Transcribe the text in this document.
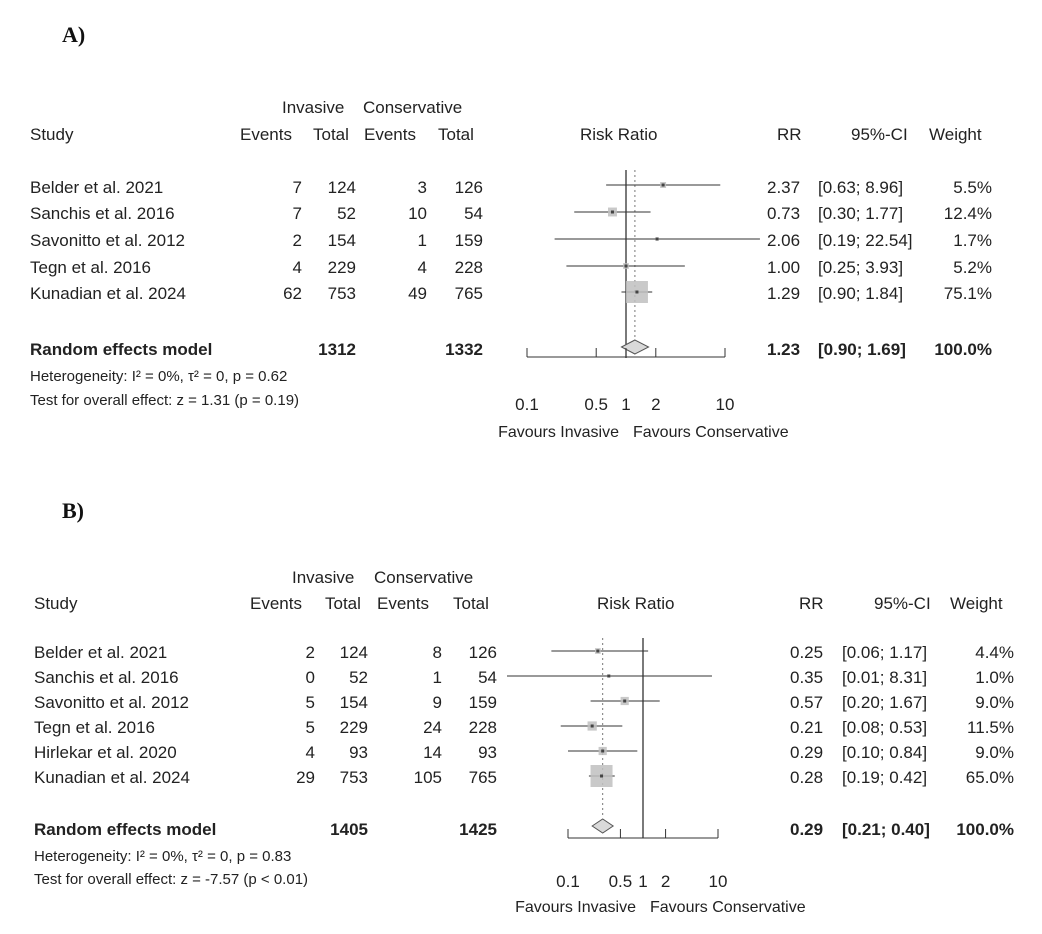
A)
Invasive Conservative
Study	Events Total Events Total	Risk Ratio	RR	95%-CI Weight
Belder et al. 2021	7	124	3	126	2.37 [0.63; 8.96]	5.5%
Sanchis et al. 2016	7	52	10	54	0.73 [0.30; 1.77]	12.4%
Savonitto et al. 2012	2	154	1	159	2.06 [0.19; 22.54]	1.7%
Tegn et al. 2016	4	229	4	228	1.00 [0.25; 3.93]	5.2%
Kunadian et al. 2024	62	753	49	765	1.29 [0.90; 1.84]	75.1%
Random effects model	1312	1332	1.23 [0.90; 1.69]	100.0%
Heterogeneity: I² = 0%, τ² = 0, p = 0.62
Test for overall effect: z = 1.31 (p = 0.19)	0.1	0.5 1 2	10
Favours Invasive Favours Conservative
B)
Invasive Conservative
Study	Events Total Events Total	Risk Ratio	RR	95%-CI Weight
Belder et al. 2021	2	124	8	126	0.25 [0.06; 1.17]	4.4%
Sanchis et al. 2016	0	52	1	54	0.35 [0.01; 8.31]	1.0%
Savonitto et al. 2012	5	154	9	159	0.57 [0.20; 1.67]	9.0%
Tegn et al. 2016	5	229	24	228	0.21 [0.08; 0.53]	11.5%
Hirlekar et al. 2020	4	93	14	93	0.29 [0.10; 0.84]	9.0%
Kunadian et al. 2024	29	753	105	765	0.28 [0.19; 0.42]	65.0%
Random effects model	1405	1425	0.29 [0.21; 0.40]	100.0%
Heterogeneity: I² = 0%, τ² = 0, p = 0.83
Test for overall effect: z = -7.57 (p < 0.01)	0.1 0.5 1 2 10
Favours Invasive Favours Conservative
